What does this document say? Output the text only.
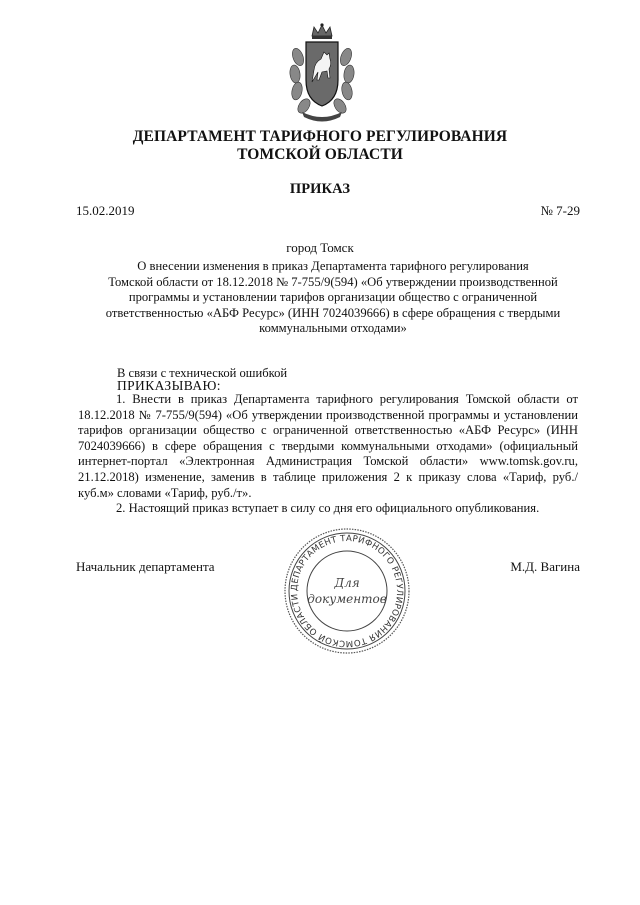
ДЕПАРТАМЕНТ ТАРИФНОГО РЕГУЛИРОВАНИЯ
ТОМСКОЙ ОБЛАСТИ
ПРИКАЗ
15.02.2019	№ 7-29
город Томск
О внесении изменения в приказ Департамента тарифного регулирования
Томской области от 18.12.2018 № 7-755/9(594) «Об утверждении производственной
программы и установлении тарифов организации общество с ограниченной
ответственностью «АБФ Ресурс» (ИНН 7024039666) в сфере обращения с твердыми
коммунальными отходами»
В связи с технической ошибкой
ПРИКАЗЫВАЮ:
1. Внести в приказ Департамента тарифного регулирования Томской области от 18.12.2018 № 7-755/9(594) «Об утверждении производственной программы и установлении тарифов организации общество с ограниченной ответственностью «АБФ Ресурс» (ИНН 7024039666) в сфере обращения с твердыми коммунальными отходами» (официальный интернет-портал «Электронная Администрация Томской области» www.tomsk.gov.ru, 21.12.2018) изменение, заменив в таблице приложения 2 к приказу слова «Тариф, руб./куб.м» словами «Тариф, руб./т».
2. Настоящий приказ вступает в силу со дня его официального опубликования.
Начальник департамента	М.Д. Вагина
ДЕПАРТАМЕНТ ТАРИФНОГО РЕГУЛИРОВАНИЯ ТОМСКОЙ ОБЛАСТИ
Для
документов
